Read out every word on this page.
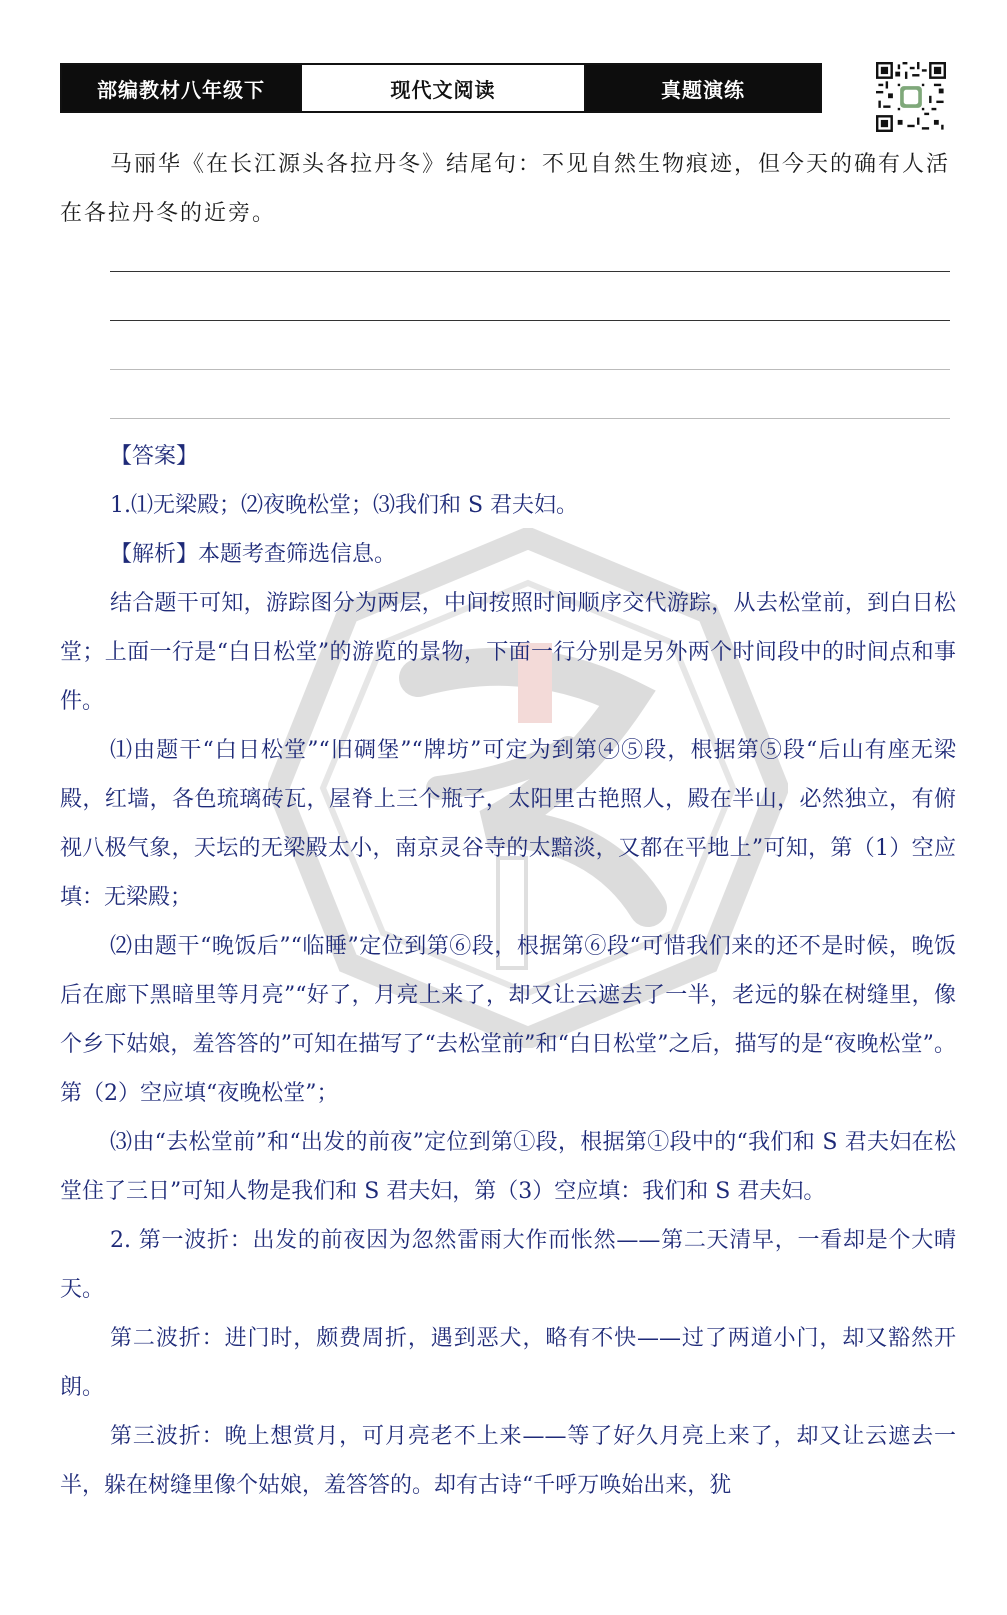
部编教材八年级下	现代文阅读	真题演练
马丽华《在长江源头各拉丹冬》结尾句：不见自然生物痕迹，但今天的确有人活在各拉丹冬的近旁。

【答案】

1.⑴无梁殿；⑵夜晚松堂；⑶我们和 S 君夫妇。

【解析】本题考查筛选信息。

结合题干可知，游踪图分为两层，中间按照时间顺序交代游踪，从去松堂前，到白日松堂；上面一行是“白日松堂”的游览的景物，下面一行分别是另外两个时间段中的时间点和事件。

⑴由题干“白日松堂”“旧碉堡”“牌坊”可定为到第④⑤段，根据第⑤段“后山有座无梁殿，红墙，各色琉璃砖瓦，屋脊上三个瓶子，太阳里古艳照人，殿在半山，必然独立，有俯视八极气象，天坛的无梁殿太小，南京灵谷寺的太黯淡，又都在平地上”可知，第（1）空应填：无梁殿；

⑵由题干“晚饭后”“临睡”定位到第⑥段，根据第⑥段“可惜我们来的还不是时候，晚饭后在廊下黑暗里等月亮”“好了，月亮上来了，却又让云遮去了一半，老远的躲在树缝里，像个乡下姑娘，羞答答的”可知在描写了“去松堂前”和“白日松堂”之后，描写的是“夜晚松堂”。第（2）空应填“夜晚松堂”；

⑶由“去松堂前”和“出发的前夜”定位到第①段，根据第①段中的“我们和 S 君夫妇在松堂住了三日”可知人物是我们和 S 君夫妇，第（3）空应填：我们和 S 君夫妇。

2. 第一波折：出发的前夜因为忽然雷雨大作而怅然——第二天清早，一看却是个大晴天。

第二波折：进门时，颇费周折，遇到恶犬，略有不快——过了两道小门，却又豁然开朗。

第三波折：晚上想赏月，可月亮老不上来——等了好久月亮上来了，却又让云遮去一半，躲在树缝里像个姑娘，羞答答的。却有古诗“千呼万唤始出来，犹
